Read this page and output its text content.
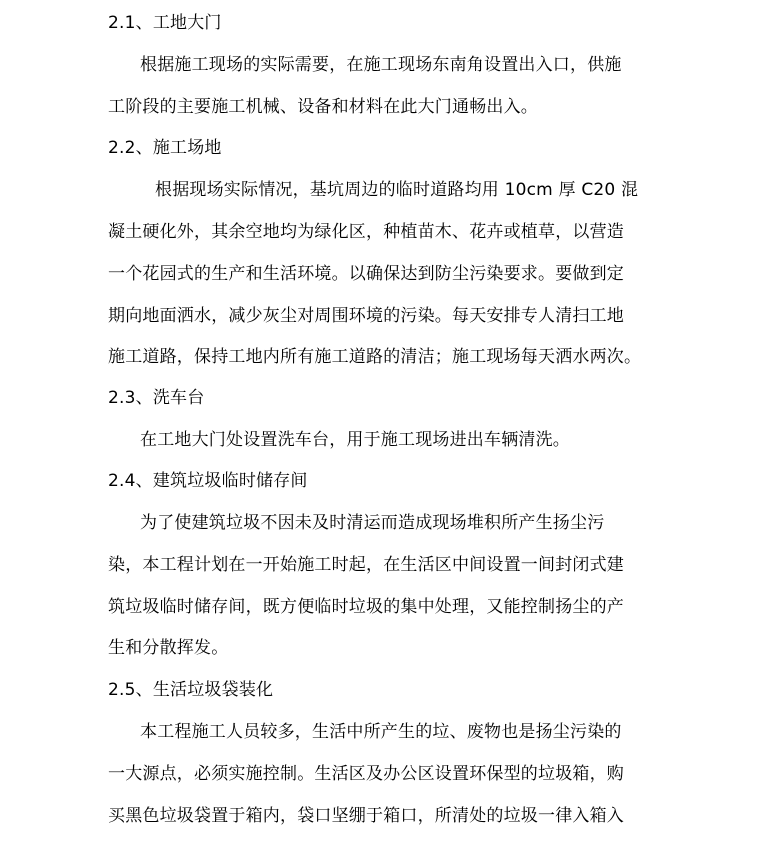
2.1、工地大门
根据施工现场的实际需要，在施工现场东南角设置出入口，供施
工阶段的主要施工机械、设备和材料在此大门通畅出入。
2.2、施工场地
根据现场实际情况，基坑周边的临时道路均用 10cm 厚 C20 混
凝土硬化外，其余空地均为绿化区，种植苗木、花卉或植草，以营造
一个花园式的生产和生活环境。以确保达到防尘污染要求。要做到定
期向地面洒水，减少灰尘对周围环境的污染。每天安排专人清扫工地
施工道路，保持工地内所有施工道路的清洁；施工现场每天洒水两次。
2.3、洗车台
在工地大门处设置洗车台，用于施工现场进出车辆清洗。
2.4、建筑垃圾临时储存间
为了使建筑垃圾不因未及时清运而造成现场堆积所产生扬尘污
染，本工程计划在一开始施工时起，在生活区中间设置一间封闭式建
筑垃圾临时储存间，既方便临时垃圾的集中处理，又能控制扬尘的产
生和分散挥发。
2.5、生活垃圾袋装化
本工程施工人员较多，生活中所产生的垃、废物也是扬尘污染的
一大源点，必须实施控制。生活区及办公区设置环保型的垃圾箱，购
买黑色垃圾袋置于箱内，袋口坚绷于箱口，所清处的垃圾一律入箱入
